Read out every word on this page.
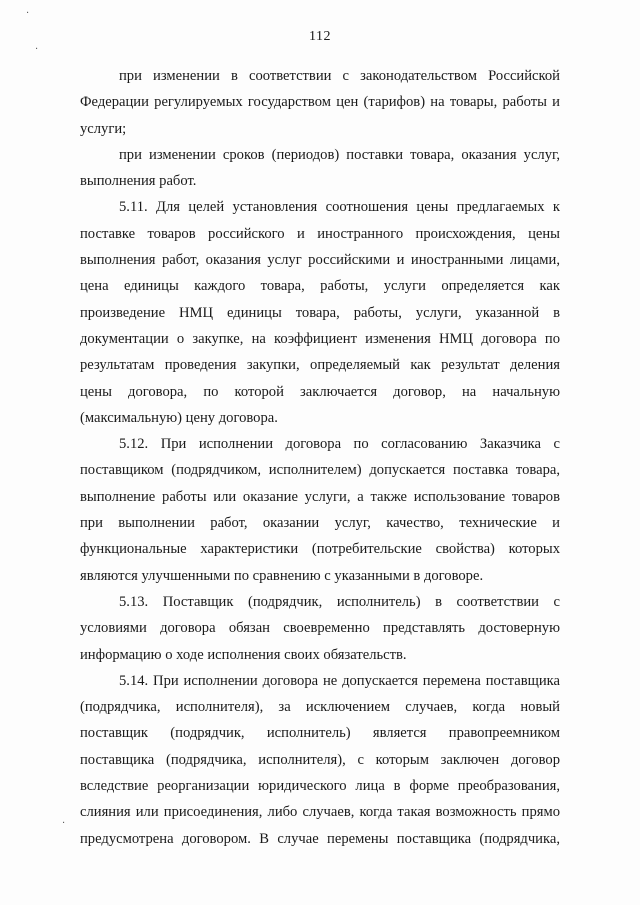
·
·
·
112
при изменении в соответствии с законодательством Российской
Федерации регулируемых государством цен (тарифов) на товары, работы и
услуги;
при изменении сроков (периодов) поставки товара, оказания услуг,
выполнения работ.
5.11. Для целей установления соотношения цены предлагаемых к
поставке товаров российского и иностранного происхождения, цены
выполнения работ, оказания услуг российскими и иностранными лицами,
цена единицы каждого товара, работы, услуги определяется как
произведение НМЦ единицы товара, работы, услуги, указанной в
документации о закупке, на коэффициент изменения НМЦ договора по
результатам проведения закупки, определяемый как результат деления
цены договора, по которой заключается договор, на начальную
(максимальную) цену договора.
5.12. При исполнении договора по согласованию Заказчика с
поставщиком (подрядчиком, исполнителем) допускается поставка товара,
выполнение работы или оказание услуги, а также использование товаров
при выполнении работ, оказании услуг, качество, технические и
функциональные характеристики (потребительские свойства) которых
являются улучшенными по сравнению с указанными в договоре.
5.13. Поставщик (подрядчик, исполнитель) в соответствии с
условиями договора обязан своевременно представлять достоверную
информацию о ходе исполнения своих обязательств.
5.14. При исполнении договора не допускается перемена поставщика
(подрядчика, исполнителя), за исключением случаев, когда новый
поставщик (подрядчик, исполнитель) является правопреемником
поставщика (подрядчика, исполнителя), с которым заключен договор
вследствие реорганизации юридического лица в форме преобразования,
слияния или присоединения, либо случаев, когда такая возможность прямо
предусмотрена договором. В случае перемены поставщика (подрядчика,
